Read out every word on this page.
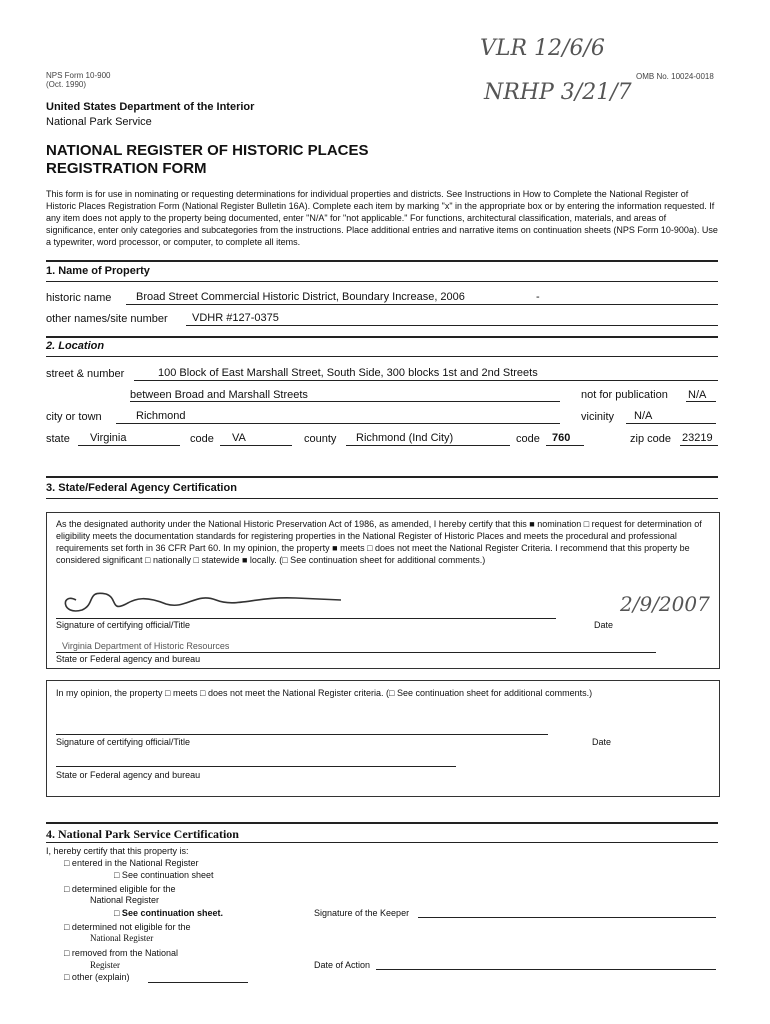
NPS Form 10-900
(Oct. 1990)
OMB No. 10024-0018
VLR 12/6/6
NRHP 3/21/7
United States Department of the Interior
National Park Service
NATIONAL REGISTER OF HISTORIC PLACES
REGISTRATION FORM
This form is for use in nominating or requesting determinations for individual properties and districts. See Instructions in How to Complete the National Register of Historic Places Registration Form (National Register Bulletin 16A). Complete each item by marking "x" in the appropriate box or by entering the information requested. If any item does not apply to the property being documented, enter "N/A" for "not applicable." For functions, architectural classification, materials, and areas of significance, enter only categories and subcategories from the instructions. Place additional entries and narrative items on continuation sheets (NPS Form 10-900a). Use a typewriter, word processor, or computer, to complete all items.
1. Name of Property
historic name Broad Street Commercial Historic District, Boundary Increase, 2006	-
other names/site number VDHR #127-0375
2. Location
street & number	100 Block of East Marshall Street, South Side, 300 blocks 1st and 2nd Streets
between Broad and Marshall Streets	not for publication N/A
city or town	Richmond	vicinity N/A
state Virginia	code VA	county Richmond (Ind City)	code 760	zip code 23219
3. State/Federal Agency Certification
As the designated authority under the National Historic Preservation Act of 1986, as amended, I hereby certify that this ■ nomination □ request for determination of eligibility meets the documentation standards for registering properties in the National Register of Historic Places and meets the procedural and professional requirements set forth in 36 CFR Part 60. In my opinion, the property ■ meets □ does not meet the National Register Criteria. I recommend that this property be considered significant □ nationally □ statewide ■ locally. (□ See continuation sheet for additional comments.)
2/9/2007
Signature of certifying official/Title	Date
Virginia Department of Historic Resources
State or Federal agency and bureau
In my opinion, the property □ meets □ does not meet the National Register criteria. (□ See continuation sheet for additional comments.)
Signature of certifying official/Title	Date
State or Federal agency and bureau
4. National Park Service Certification
I, hereby certify that this property is:
□ entered in the National Register
□ See continuation sheet
□ determined eligible for the
National Register
□ See continuation sheet.
□ determined not eligible for the
National Register
□ removed from the National
Register
□ other (explain)
Signature of the Keeper
Date of Action
